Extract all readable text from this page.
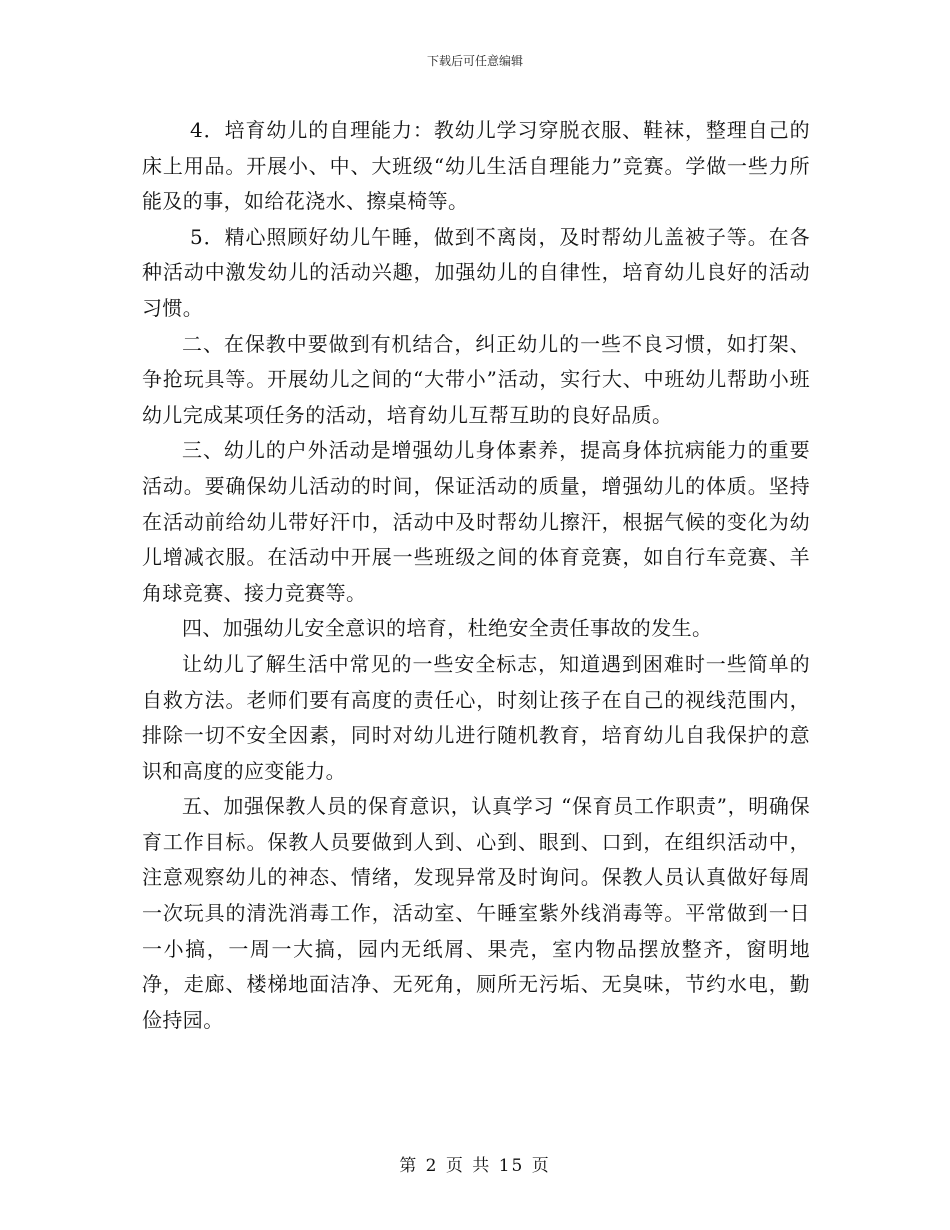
下载后可任意编辑

4．培育幼儿的自理能力：教幼儿学习穿脱衣服、鞋袜，整理自己的床上用品。开展小、中、大班级“幼儿生活自理能力”竞赛。学做一些力所能及的事，如给花浇水、擦桌椅等。

5．精心照顾好幼儿午睡，做到不离岗，及时帮幼儿盖被子等。在各种活动中激发幼儿的活动兴趣，加强幼儿的自律性，培育幼儿良好的活动习惯。

二、在保教中要做到有机结合，纠正幼儿的一些不良习惯，如打架、争抢玩具等。开展幼儿之间的“大带小”活动，实行大、中班幼儿帮助小班幼儿完成某项任务的活动，培育幼儿互帮互助的良好品质。

三、幼儿的户外活动是增强幼儿身体素养，提高身体抗病能力的重要活动。要确保幼儿活动的时间，保证活动的质量，增强幼儿的体质。坚持在活动前给幼儿带好汗巾，活动中及时帮幼儿擦汗，根据气候的变化为幼儿增减衣服。在活动中开展一些班级之间的体育竞赛，如自行车竞赛、羊角球竞赛、接力竞赛等。

四、加强幼儿安全意识的培育，杜绝安全责任事故的发生。

让幼儿了解生活中常见的一些安全标志，知道遇到困难时一些简单的自救方法。老师们要有高度的责任心，时刻让孩子在自己的视线范围内，排除一切不安全因素，同时对幼儿进行随机教育，培育幼儿自我保护的意识和高度的应变能力。

五、加强保教人员的保育意识，认真学习 “保育员工作职责”，明确保育工作目标。保教人员要做到人到、心到、眼到、口到，在组织活动中，注意观察幼儿的神态、情绪，发现异常及时询问。保教人员认真做好每周一次玩具的清洗消毒工作，活动室、午睡室紫外线消毒等。平常做到一日一小搞，一周一大搞，园内无纸屑、果壳，室内物品摆放整齐，窗明地净，走廊、楼梯地面洁净、无死角，厕所无污垢、无臭味，节约水电，勤俭持园。

第 2 页 共 15 页
